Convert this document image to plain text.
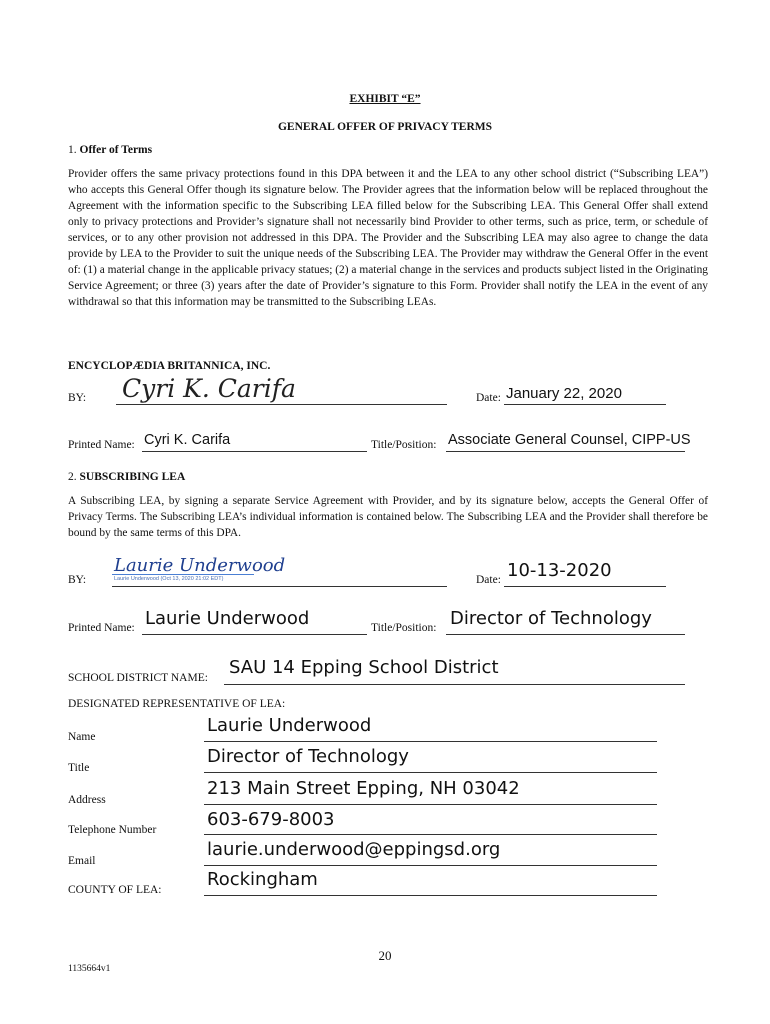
EXHIBIT “E”
GENERAL OFFER OF PRIVACY TERMS
1. Offer of Terms
Provider offers the same privacy protections found in this DPA between it and the LEA to any other school district (“Subscribing LEA”) who accepts this General Offer though its signature below. The Provider agrees that the information below will be replaced throughout the Agreement with the information specific to the Subscribing LEA filled below for the Subscribing LEA. This General Offer shall extend only to privacy protections and Provider’s signature shall not necessarily bind Provider to other terms, such as price, term, or schedule of services, or to any other provision not addressed in this DPA. The Provider and the Subscribing LEA may also agree to change the data provide by LEA to the Provider to suit the unique needs of the Subscribing LEA. The Provider may withdraw the General Offer in the event of: (1) a material change in the applicable privacy statues; (2) a material change in the services and products subject listed in the Originating Service Agreement; or three (3) years after the date of Provider’s signature to this Form. Provider shall notify the LEA in the event of any withdrawal so that this information may be transmitted to the Subscribing LEAs.
ENCYCLOPÆDIA BRITANNICA, INC.
BY: Cyri K. Carifa	Date: January 22, 2020
Printed Name: Cyri K. Carifa	Title/Position: Associate General Counsel, CIPP-US
2. SUBSCRIBING LEA
A Subscribing LEA, by signing a separate Service Agreement with Provider, and by its signature below, accepts the General Offer of Privacy Terms. The Subscribing LEA’s individual information is contained below. The Subscribing LEA and the Provider shall therefore be bound by the same terms of this DPA.
BY:
Laurie Underwood
Laurie Underwood (Oct 13, 2020 21:02 EDT)	Date: 10-13-2020
Printed Name: Laurie Underwood	Title/Position: Director of Technology
SCHOOL DISTRICT NAME: SAU 14 Epping School District
DESIGNATED REPRESENTATIVE OF LEA:
Name
Laurie Underwood
Title
Director of Technology
Address
213 Main Street Epping, NH 03042
Telephone Number	603-679-8003
Email
laurie.underwood@eppingsd.org
COUNTY OF LEA:	Rockingham
20
1135664v1
